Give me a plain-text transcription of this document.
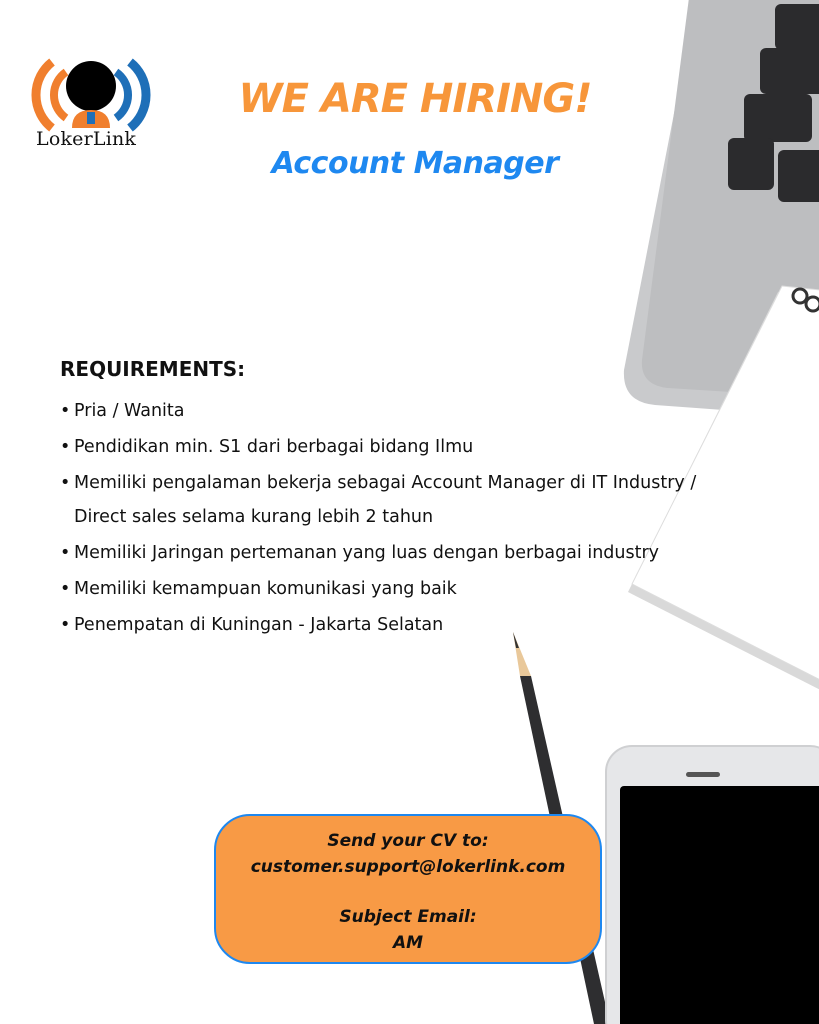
LokerLink
WE ARE HIRING!
Account Manager
REQUIREMENTS:
• Pria / Wanita
• Pendidikan min. S1 dari berbagai bidang Ilmu
• Memiliki pengalaman bekerja sebagai Account Manager di IT Industry / Direct sales selama kurang lebih 2 tahun
• Memiliki Jaringan pertemanan yang luas dengan berbagai industry
• Memiliki kemampuan komunikasi yang baik
• Penempatan di Kuningan - Jakarta Selatan
Send your CV to:
customer.support@lokerlink.com
Subject Email:
AM
